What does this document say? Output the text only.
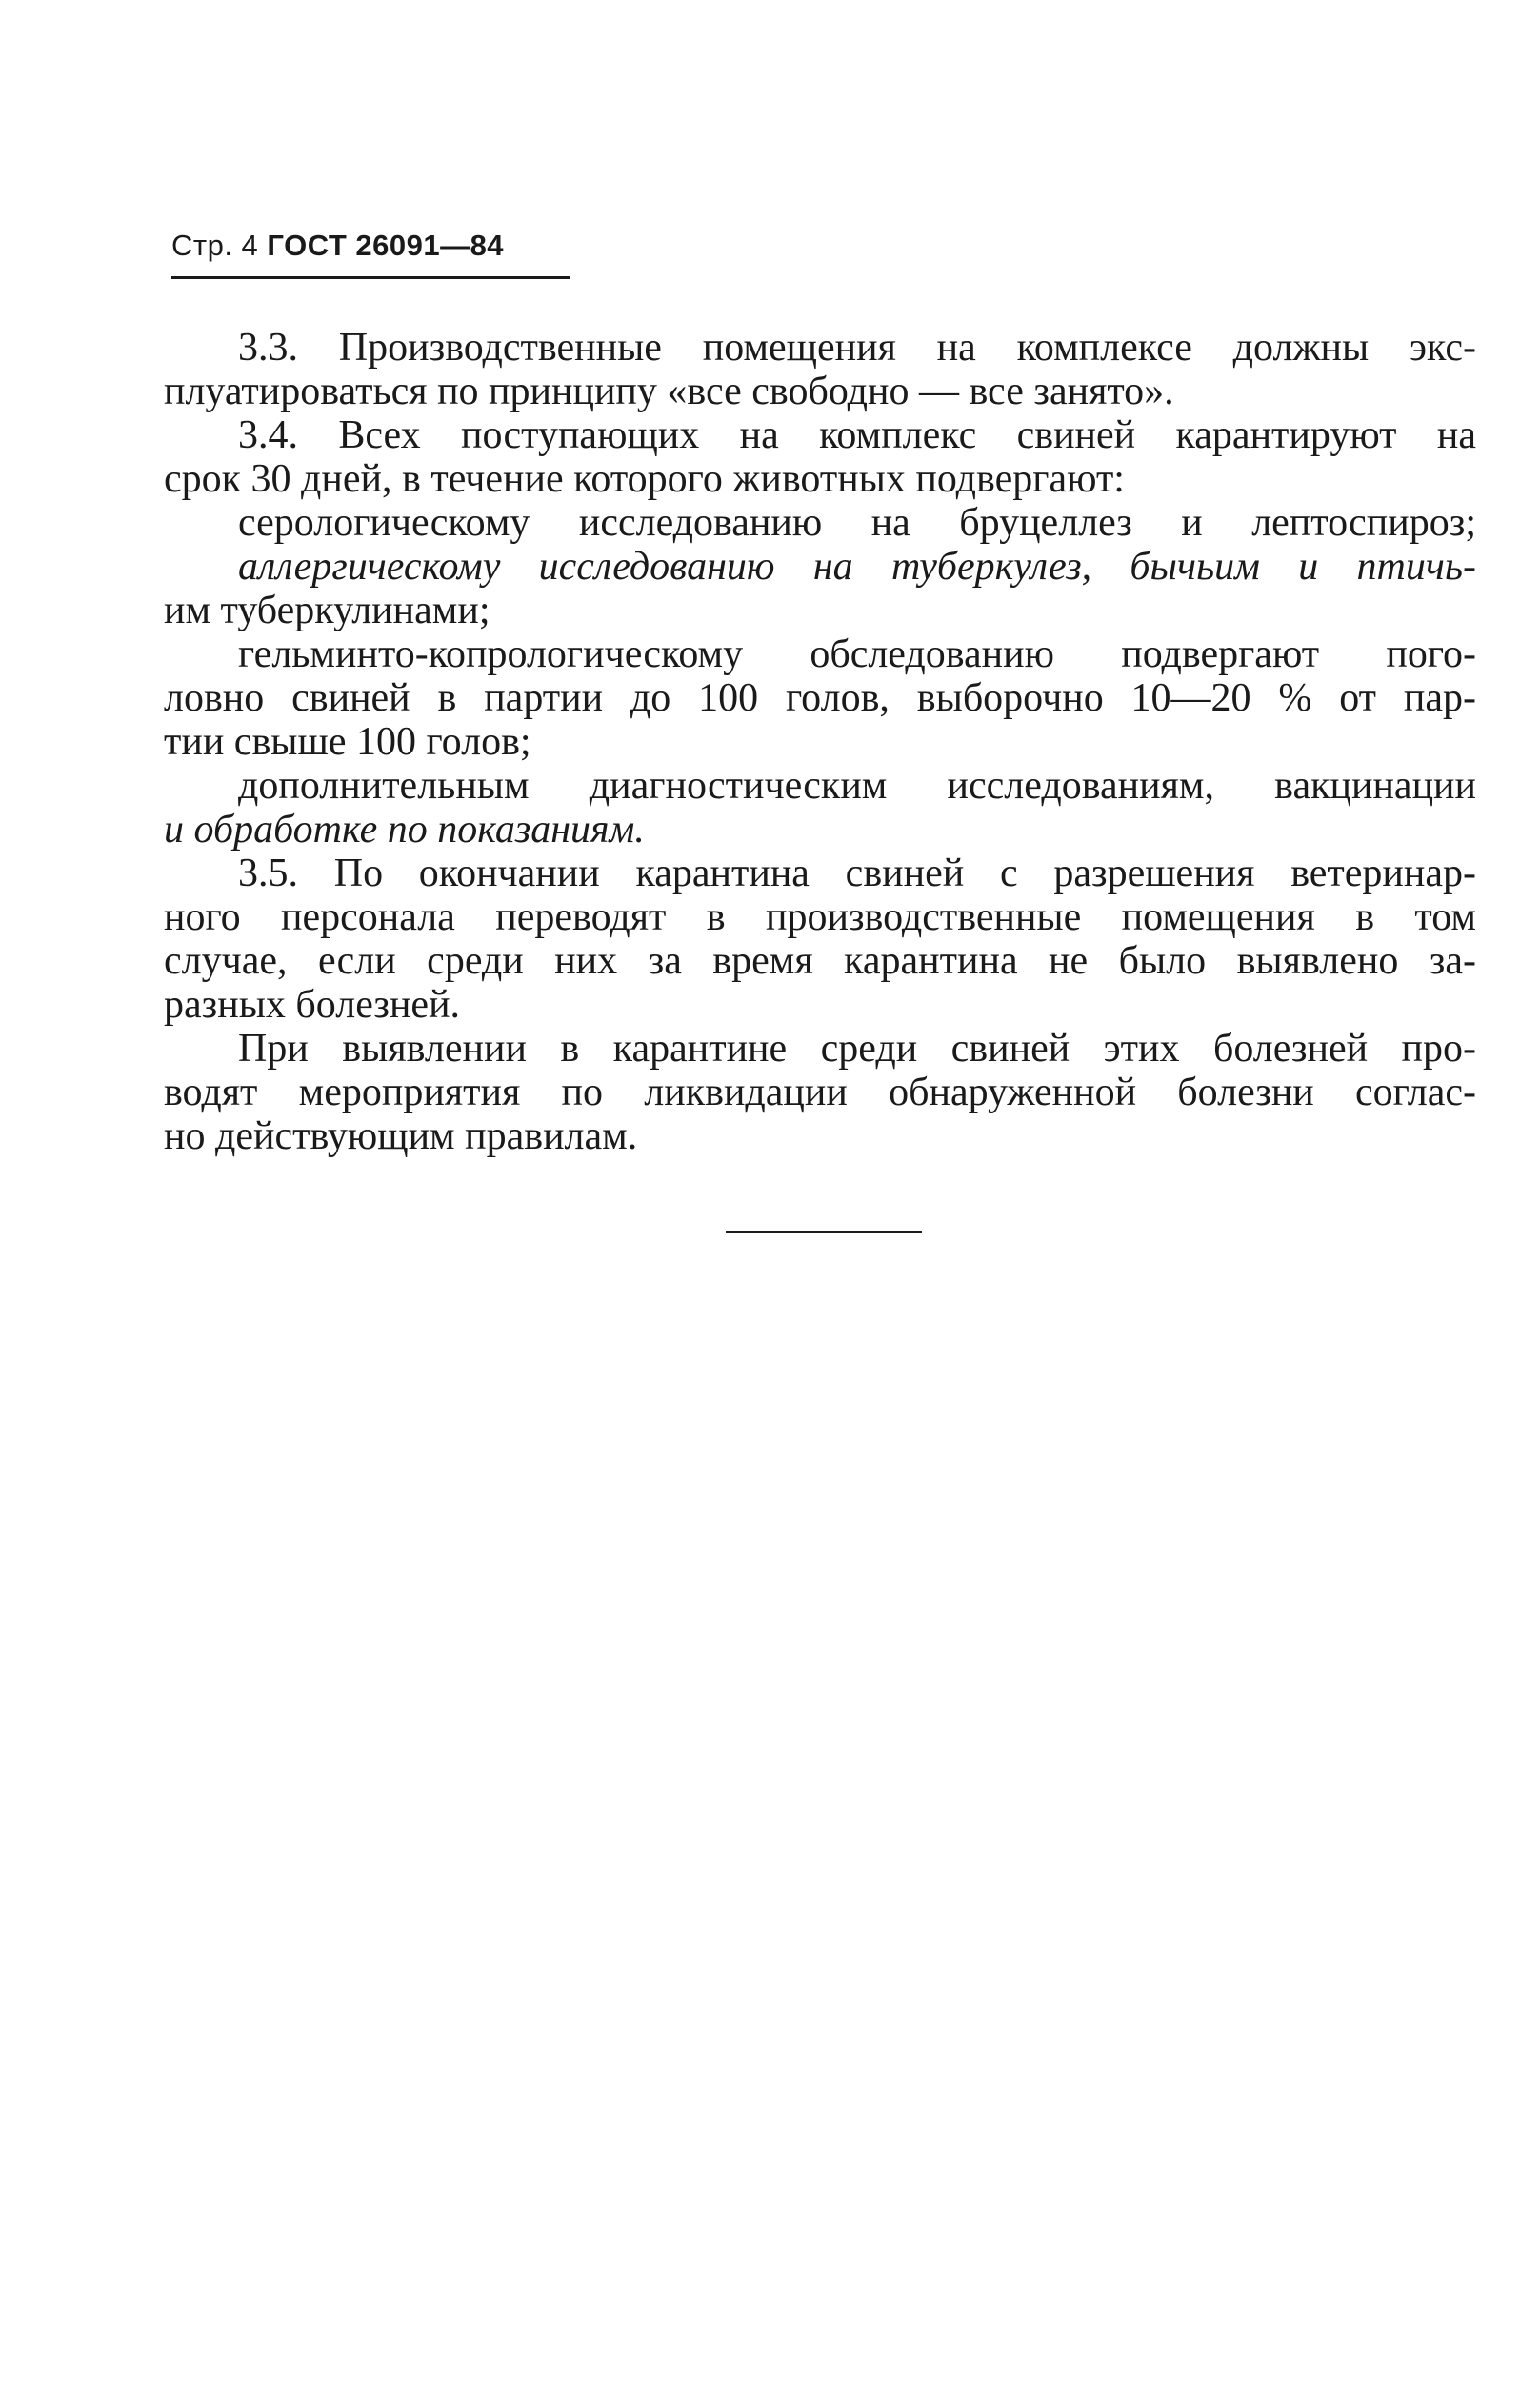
Стр. 4 ГОСТ 26091—84
3.3. Производственные помещения на комплексе должны экс-
плуатироваться по принципу «все свободно — все занято».
3.4. Всех поступающих на комплекс свиней карантируют на
срок 30 дней, в течение которого животных подвергают:
серологическому исследованию на бруцеллез и лептоспироз;
аллергическому исследованию на туберкулез, бычьим и птичь-
им туберкулинами;
гельминто-копрологическому обследованию подвергают пого-
ловно свиней в партии до 100 голов, выборочно 10—20 % от пар-
тии свыше 100 голов;
дополнительным диагностическим исследованиям, вакцинации
и обработке по показаниям.
3.5. По окончании карантина свиней с разрешения ветеринар-
ного персонала переводят в производственные помещения в том
случае, если среди них за время карантина не было выявлено за-
разных болезней.
При выявлении в карантине среди свиней этих болезней про-
водят мероприятия по ликвидации обнаруженной болезни соглас-
но действующим правилам.
